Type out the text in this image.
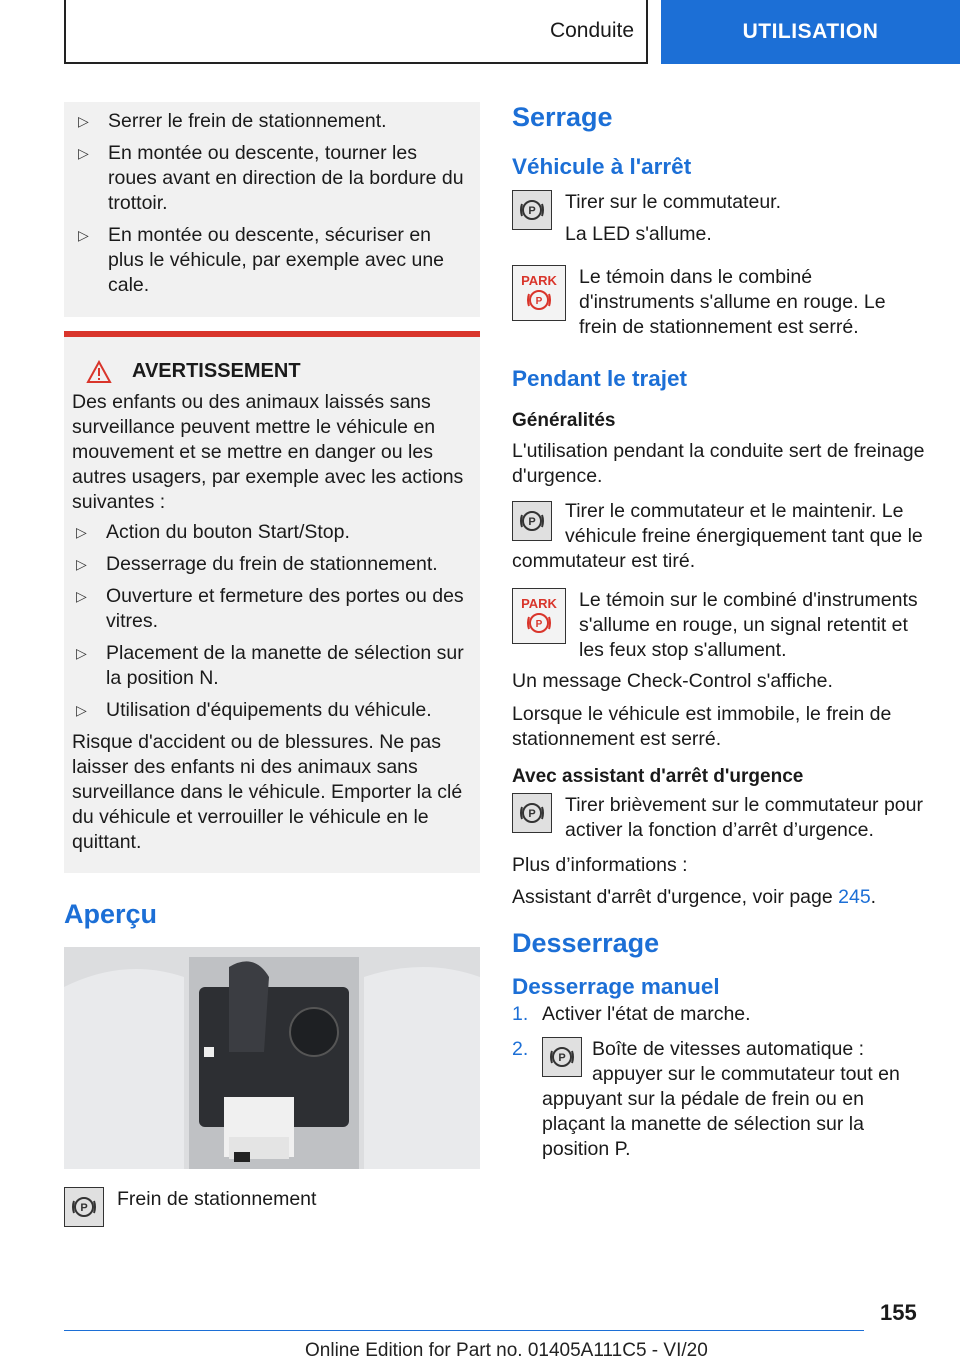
Conduite	UTILISATION
▷ Serrer le frein de stationnement.
▷ En montée ou descente, tourner les roues avant en direction de la bordure du trottoir.
▷ En montée ou descente, sécuriser en plus le véhicule, par exemple avec une cale.
AVERTISSEMENT

Des enfants ou des animaux laissés sans surveillance peuvent mettre le véhicule en mouvement et se mettre en danger ou les autres usagers, par exemple avec les actions suivantes :

▷ Action du bouton Start/Stop.
▷ Desserrage du frein de stationnement.
▷ Ouverture et fermeture des portes ou des vitres.
▷ Placement de la manette de sélection sur la position N.
▷ Utilisation d'équipements du véhicule.

Risque d'accident ou de blessures. Ne pas laisser des enfants ni des animaux sans surveillance dans le véhicule. Emporter la clé du véhicule et verrouiller le véhicule en le quittant.

Aperçu
P Frein de stationnement
Serrage
Véhicule à l'arrêt
P Tirer sur le commutateur.

La LED s'allume.

PARK
P

Le témoin dans le combiné d'instruments s'allume en rouge. Le frein de stationnement est serré.

Pendant le trajet
Généralités

L'utilisation pendant la conduite sert de freinage d'urgence.

P	Tirer le commutateur et le maintenir. Le véhicule freine énergiquement tant que le commutateur est tiré.

PARK
P

Le témoin sur le combiné d'instruments s'allume en rouge, un signal retentit et les feux stop s'allument.

Un message Check-Control s'affiche.

Lorsque le véhicule est immobile, le frein de stationnement est serré.

Avec assistant d'arrêt d'urgence
P Tirer brièvement sur le commutateur pour activer la fonction d’arrêt d’urgence.

Plus d’informations :

Assistant d'arrêt d'urgence, voir page 245.

Desserrage
Desserrage manuel
1. Activer l'état de marche.
2.	P Boîte de vitesses automatique : appuyer sur le commutateur tout en appuyant sur la pédale de frein ou en plaçant la manette de sélection sur la position P.
155
Online Edition for Part no. 01405A111C5 - VI/20
